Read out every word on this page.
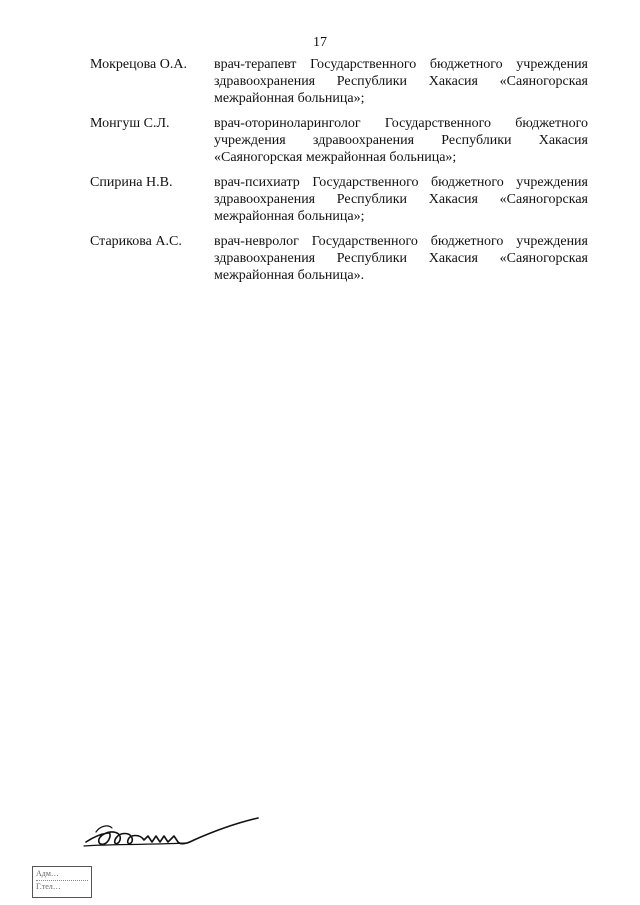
17
Мокрецова О.А.	врач-терапевт Государственного бюджетного учреждения здравоохранения Республики Хакасия «Саяногорская межрайонная больница»;
Монгуш С.Л.	врач-оториноларинголог Государственного бюджетного учреждения здравоохранения Республики Хакасия «Саяногорская межрайонная больница»;
Спирина Н.В.	врач-психиатр Государственного бюджетного учреждения здравоохранения Республики Хакасия «Саяногорская межрайонная больница»;
Старикова А.С.	врач-невролог Государственного бюджетного учреждения здравоохранения Республики Хакасия «Саяногорская межрайонная больница».
Адм…
Г.тел…
